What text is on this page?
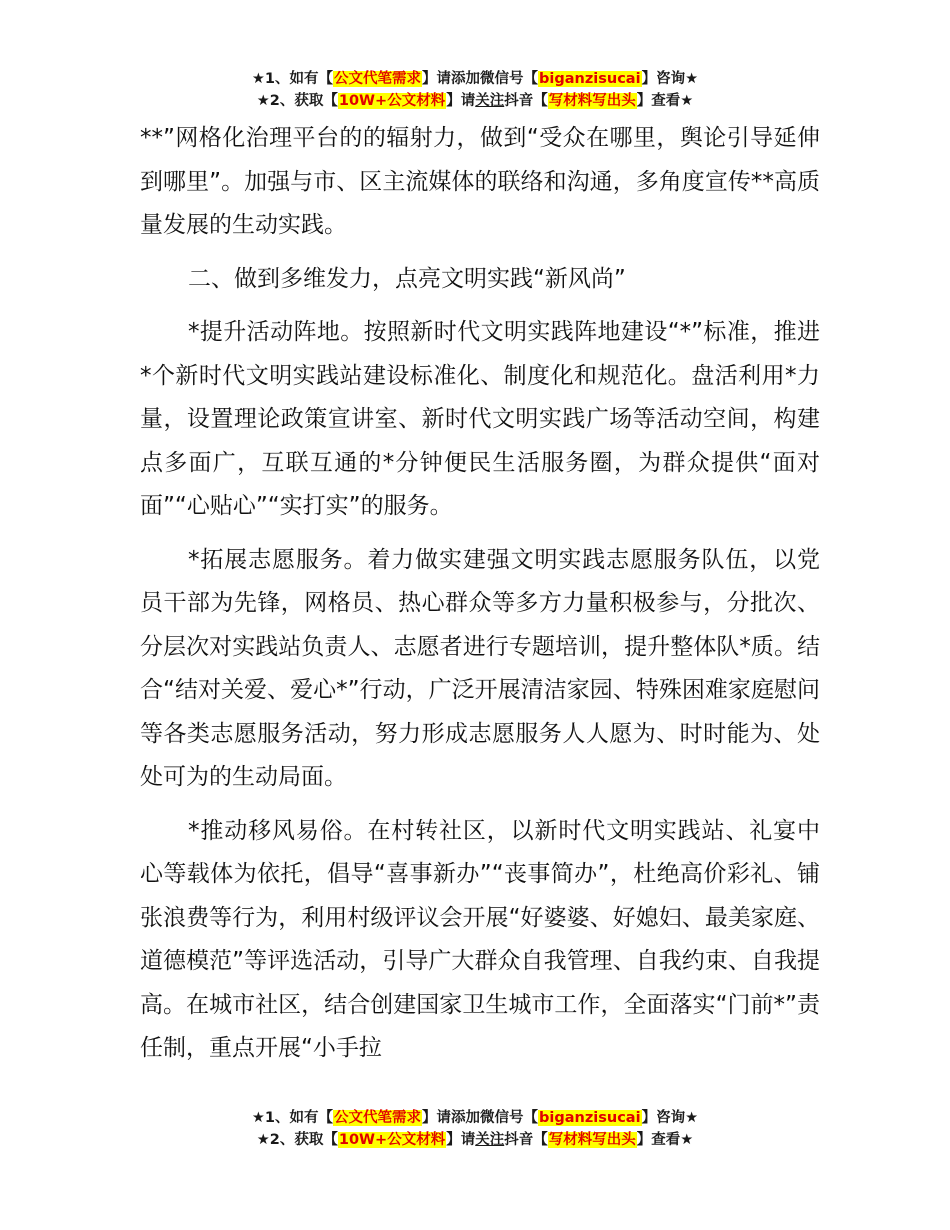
★1、如有【公文代笔需求】请添加微信号【biganzisucai】咨询★
★2、获取【10W+公文材料】请关注抖音【写材料写出头】查看★

**”网格化治理平台的的辐射力，做到“受众在哪里，舆论引导延伸到哪里”。加强与市、区主流媒体的联络和沟通，多角度宣传**高质量发展的生动实践。

二、做到多维发力，点亮文明实践“新风尚”

*提升活动阵地。按照新时代文明实践阵地建设“*”标准，推进*个新时代文明实践站建设标准化、制度化和规范化。盘活利用*力量，设置理论政策宣讲室、新时代文明实践广场等活动空间，构建点多面广，互联互通的*分钟便民生活服务圈，为群众提供“面对面”“心贴心”“实打实”的服务。

*拓展志愿服务。着力做实建强文明实践志愿服务队伍，以党员干部为先锋，网格员、热心群众等多方力量积极参与，分批次、分层次对实践站负责人、志愿者进行专题培训，提升整体队*质。结合“结对关爱、爱心*”行动，广泛开展清洁家园、特殊困难家庭慰问等各类志愿服务活动，努力形成志愿服务人人愿为、时时能为、处处可为的生动局面。

*推动移风易俗。在村转社区，以新时代文明实践站、礼宴中心等载体为依托，倡导“喜事新办”“丧事简办”，杜绝高价彩礼、铺张浪费等行为，利用村级评议会开展“好婆婆、好媳妇、最美家庭、道德模范”等评选活动，引导广大群众自我管理、自我约束、自我提高。在城市社区，结合创建国家卫生城市工作，全面落实“门前*”责任制，重点开展“小手拉

★1、如有【公文代笔需求】请添加微信号【biganzisucai】咨询★
★2、获取【10W+公文材料】请关注抖音【写材料写出头】查看★
